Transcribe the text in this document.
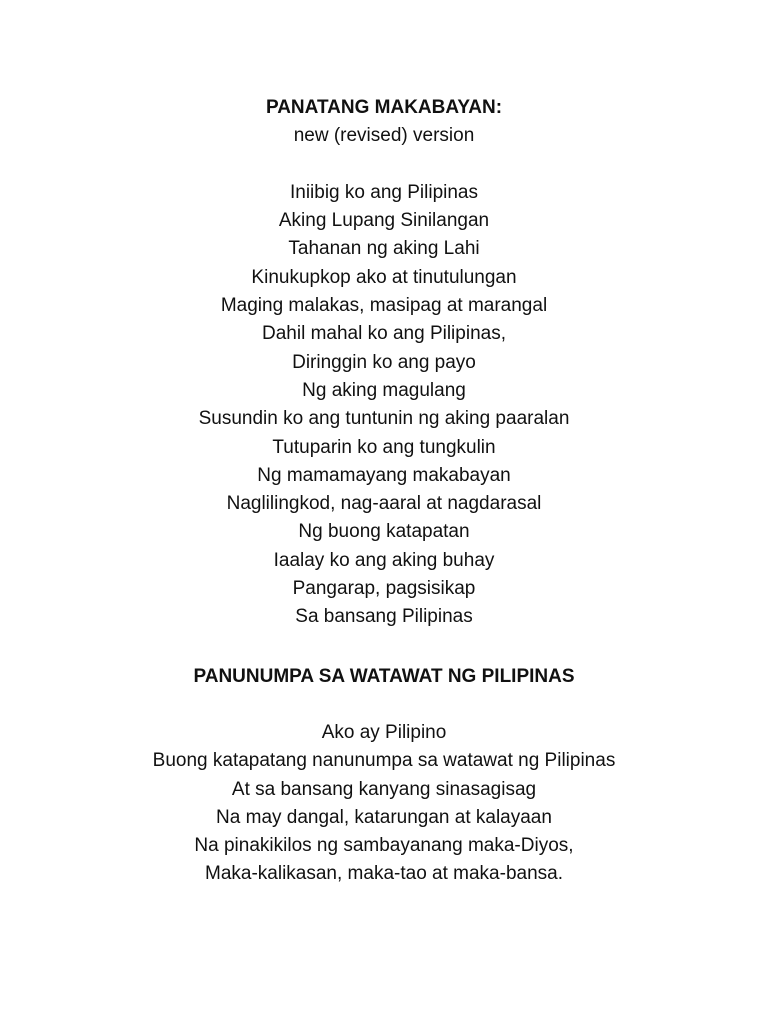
PANATANG MAKABAYAN:
new (revised) version

Iniibig ko ang Pilipinas
Aking Lupang Sinilangan
Tahanan ng aking Lahi
Kinukupkop ako at tinutulungan
Maging malakas, masipag at marangal
Dahil mahal ko ang Pilipinas,
Diringgin ko ang payo
Ng aking magulang
Susundin ko ang tuntunin ng aking paaralan
Tutuparin ko ang tungkulin
Ng mamamayang makabayan
Naglilingkod, nag-aaral at nagdarasal
Ng buong katapatan
Iaalay ko ang aking buhay
Pangarap, pagsisikap
Sa bansang Pilipinas
PANUNUMPA SA WATAWAT NG PILIPINAS
Ako ay Pilipino
Buong katapatang nanunumpa sa watawat ng Pilipinas
At sa bansang kanyang sinasagisag
Na may dangal, katarungan at kalayaan
Na pinakikilos ng sambayanang maka-Diyos,
Maka-kalikasan, maka-tao at maka-bansa.
